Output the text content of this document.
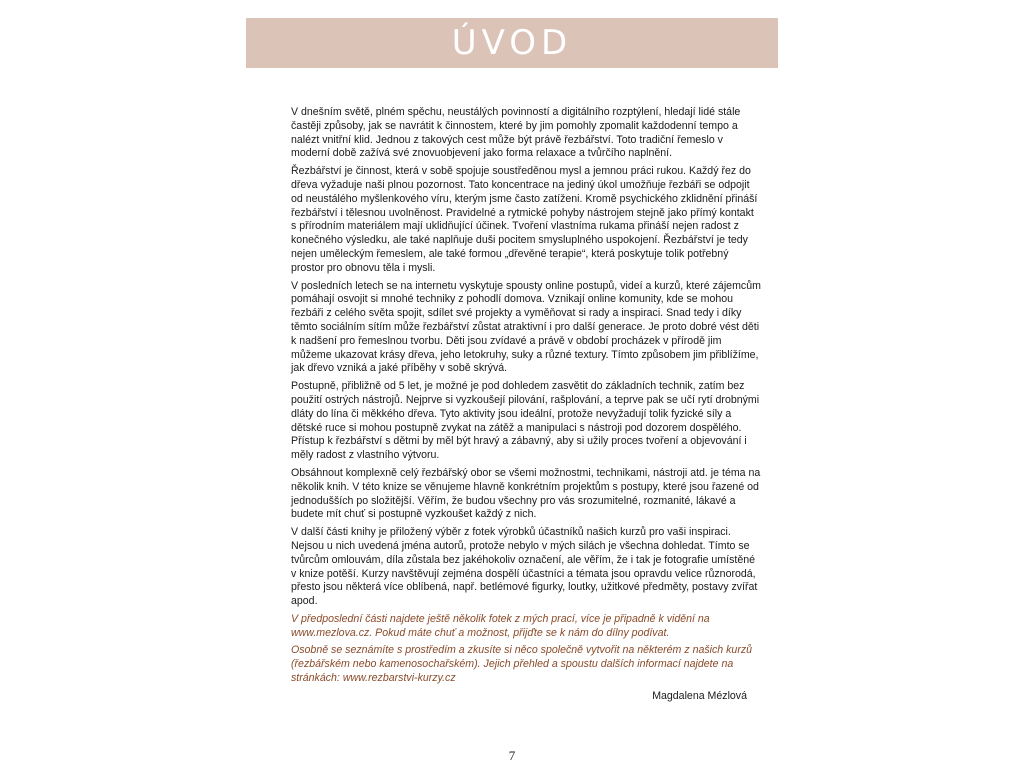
ÚVOD

V dnešním světě, plném spěchu, neustálých povinností a digitálního rozptýlení, hledají lidé stále častěji způsoby, jak se navrátit k činnostem, které by jim pomohly zpomalit každodenní tempo a nalézt vnitřní klid. Jednou z takových cest může být právě řezbářství. Toto tradiční řemeslo v moderní době zažívá své znovuobjevení jako forma relaxace a tvůrčího naplnění.

Řezbářství je činnost, která v sobě spojuje soustředěnou mysl a jemnou práci rukou. Každý řez do dřeva vyžaduje naši plnou pozornost. Tato koncentrace na jediný úkol umožňuje řezbáři se odpojit od neustálého myšlenkového víru, kterým jsme často zatíženi. Kromě psychického zklidnění přináší řezbářství i tělesnou uvolněnost. Pravidelné a rytmické pohyby nástrojem stejně jako přímý kontakt s přírodním materiálem mají uklidňující účinek. Tvoření vlastníma rukama přináší nejen radost z konečného výsledku, ale také naplňuje duši pocitem smysluplného uspokojení. Řezbářství je tedy nejen uměleckým řemeslem, ale také formou „dřevěné terapie“, která poskytuje tolik potřebný prostor pro obnovu těla i mysli.

V posledních letech se na internetu vyskytuje spousty online postupů, videí a kurzů, které zájemcům pomáhají osvojit si mnohé techniky z pohodlí domova. Vznikají online komunity, kde se mohou řezbáři z celého světa spojit, sdílet své projekty a vyměňovat si rady a inspiraci. Snad tedy i díky těmto sociálním sítím může řezbářství zůstat atraktivní i pro další generace. Je proto dobré vést děti k nadšení pro řemeslnou tvorbu. Děti jsou zvídavé a právě v období procházek v přírodě jim můžeme ukazovat krásy dřeva, jeho letokruhy, suky a různé textury. Tímto způsobem jim přiblížíme, jak dřevo vzniká a jaké příběhy v sobě skrývá.

Postupně, přibližně od 5 let, je možné je pod dohledem zasvětit do základních technik, zatím bez použití ostrých nástrojů. Nejprve si vyzkoušejí pilování, rašplování, a teprve pak se učí rytí drobnými dláty do lína či měkkého dřeva. Tyto aktivity jsou ideální, protože nevyžadují tolik fyzické síly a dětské ruce si mohou postupně zvykat na zátěž a manipulaci s nástroji pod dozorem dospělého. Přístup k řezbářství s dětmi by měl být hravý a zábavný, aby si užily proces tvoření a objevování i měly radost z vlastního výtvoru.

Obsáhnout komplexně celý řezbářský obor se všemi možnostmi, technikami, nástroji atd. je téma na několik knih. V této knize se věnujeme hlavně konkrétním projektům s postupy, které jsou řazené od jednodušších po složitější. Věřím, že budou všechny pro vás srozumitelné, rozmanité, lákavé a budete mít chuť si postupně vyzkoušet každý z nich.

V další části knihy je přiložený výběr z fotek výrobků účastníků našich kurzů pro vaši inspiraci. Nejsou u nich uvedená jména autorů, protože nebylo v mých silách je všechna dohledat. Tímto se tvůrcům omlouvám, díla zůstala bez jakéhokoliv označení, ale věřím, že i tak je fotografie umístěné v knize potěší. Kurzy navštěvují zejména dospělí účastníci a témata jsou opravdu velice různorodá, přesto jsou některá více oblíbená, např. betlémové figurky, loutky, užitkové předměty, postavy zvířat apod.

V předposlední části najdete ještě několik fotek z mých prací, více je připadně k vidění na www.mezlova.cz. Pokud máte chuť a možnost, přijďte se k nám do dílny podívat.

Osobně se seznámíte s prostředím a zkusíte si něco společně vytvořit na některém z našich kurzů (řezbářském nebo kamenosochařském). Jejich přehled a spoustu dalších informací najdete na stránkách: www.rezbarstvi-kurzy.cz

Magdalena Mézlová
7
